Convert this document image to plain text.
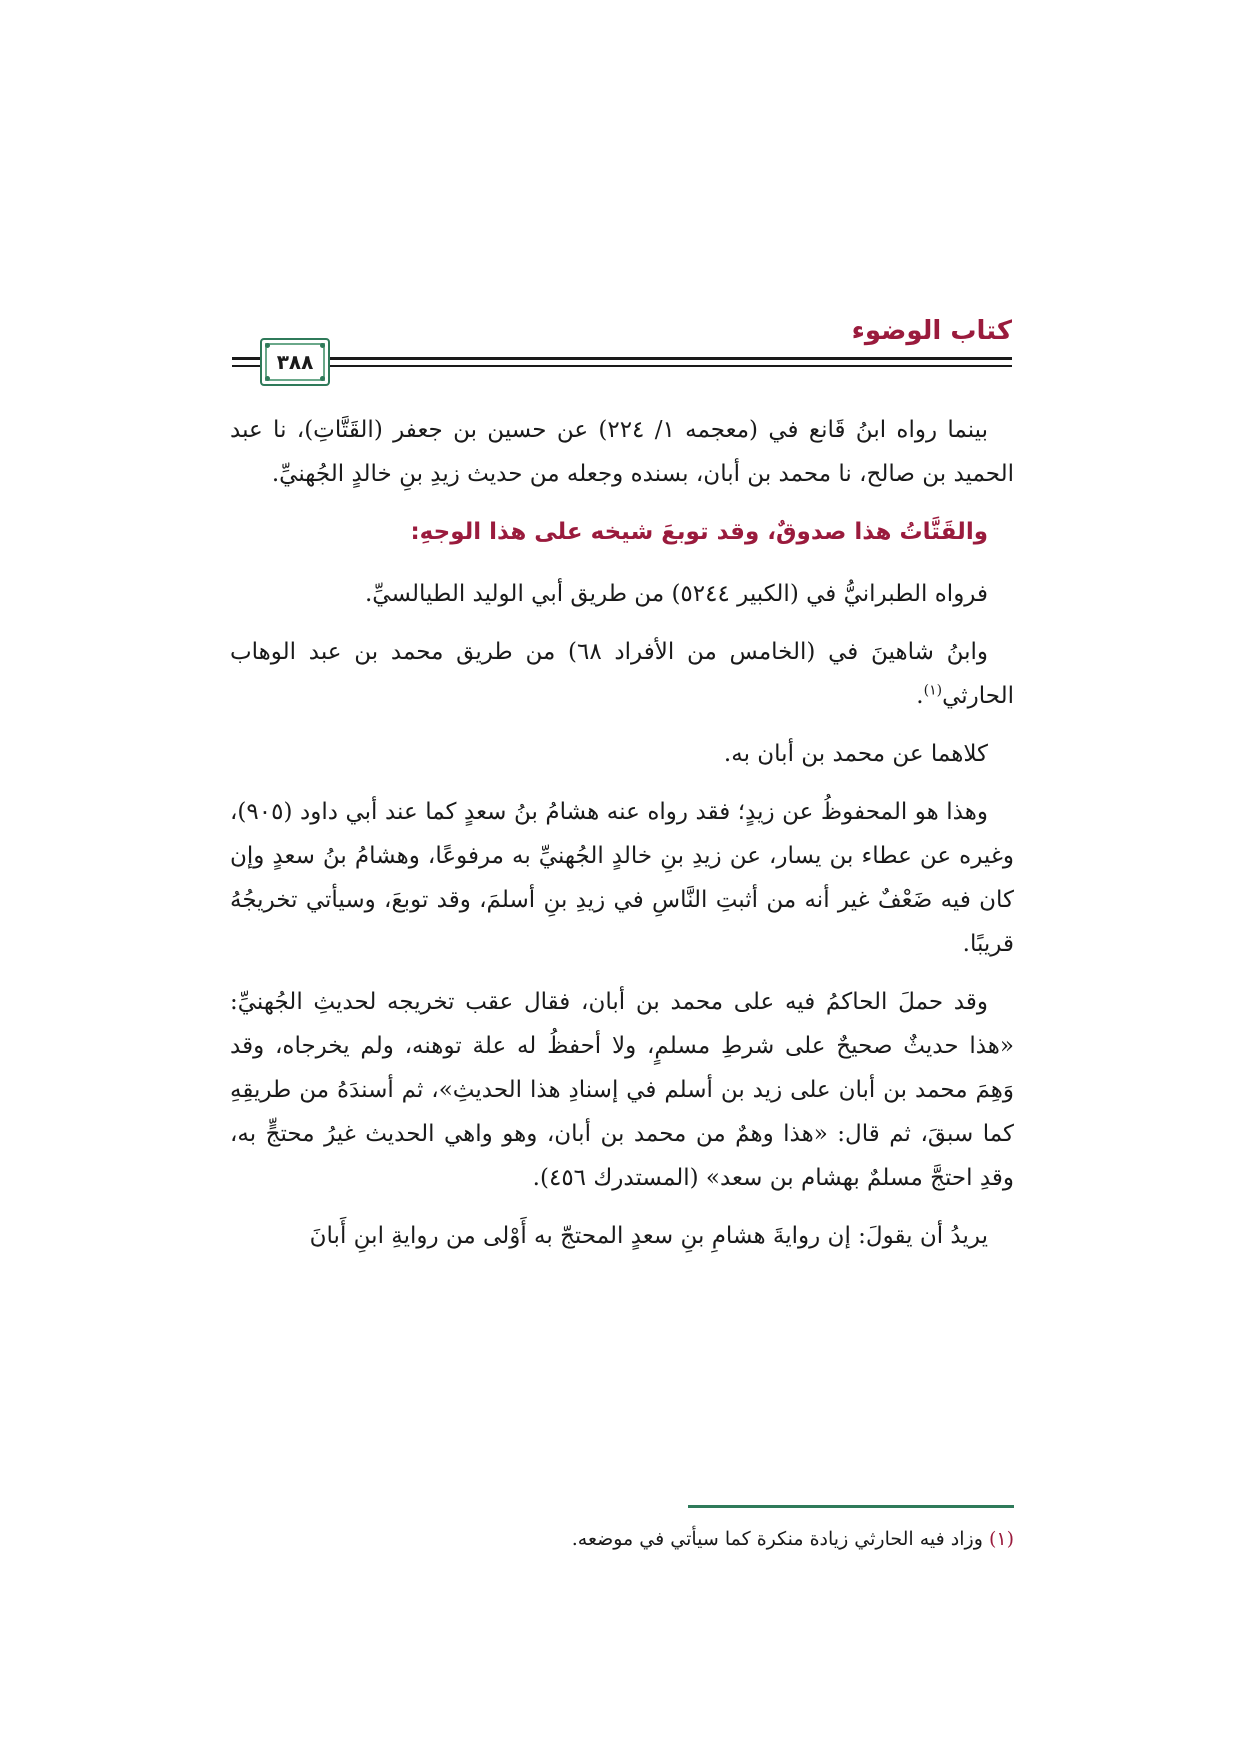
كتاب الوضوء
٣٨٨

بينما رواه ابنُ قَانع في (معجمه ١/ ٢٢٤) عن حسين بن جعفر (القَتَّاتِ)، نا عبد الحميد بن صالح، نا محمد بن أبان، بسنده وجعله من حديث زيدِ بنِ خالدٍ الجُهنيِّ.

والقَتَّاتُ هذا صدوقٌ، وقد توبعَ شيخه على هذا الوجهِ:

فرواه الطبرانيُّ في (الكبير ٥٢٤٤) من طريق أبي الوليد الطيالسيِّ.

وابنُ شاهينَ في (الخامس من الأفراد ٦٨) من طريق محمد بن عبد الوهاب الحارثي$^{(١)}$.

كلاهما عن محمد بن أبان به.

وهذا هو المحفوظُ عن زيدٍ؛ فقد رواه عنه هشامُ بنُ سعدٍ كما عند أبي داود (٩٠٥)، وغيره عن عطاء بن يسار، عن زيدِ بنِ خالدٍ الجُهنيِّ به مرفوعًا، وهشامُ بنُ سعدٍ وإن كان فيه ضَعْفٌ غير أنه من أثبتِ النَّاسِ في زيدِ بنِ أسلمَ، وقد توبعَ، وسيأتي تخريجُهُ قريبًا.

وقد حملَ الحاكمُ فيه على محمد بن أبان، فقال عقب تخريجه لحديثِ الجُهنيِّ: «هذا حديثٌ صحيحٌ على شرطِ مسلمٍ، ولا أحفظُ له علة توهنه، ولم يخرجاه، وقد وَهِمَ محمد بن أبان على زيد بن أسلم في إسنادِ هذا الحديثِ»، ثم أسندَهُ من طريقِهِ كما سبقَ، ثم قال: «هذا وهمٌ من محمد بن أبان، وهو واهي الحديث غيرُ محتجٍّ به، وقدِ احتجَّ مسلمٌ بهشام بن سعد» (المستدرك ٤٥٦).

يريدُ أن يقولَ: إن روايةَ هشامِ بنِ سعدٍ المحتجّ به أَوْلى من روايةِ ابنِ أَبانَ

(١) وزاد فيه الحارثي زيادة منكرة كما سيأتي في موضعه.
